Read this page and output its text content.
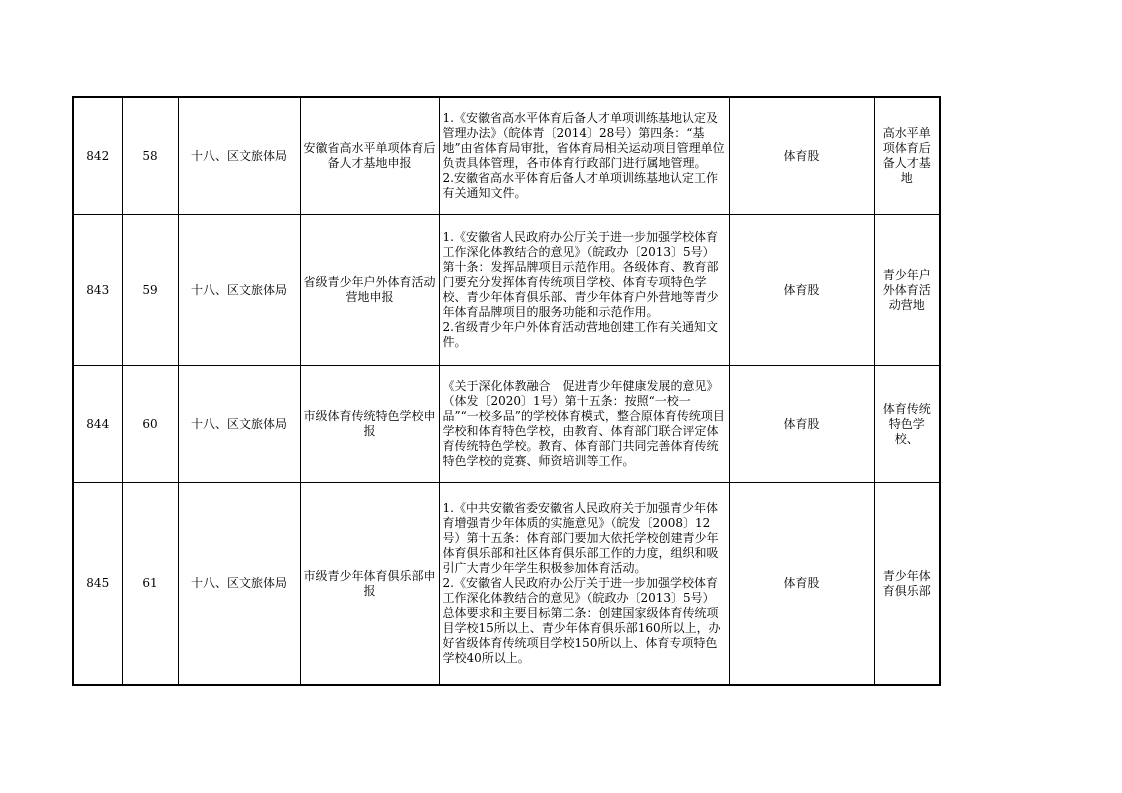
842	58	十八、区文旅体局	安徽省高水平单项体育后备人才基地申报	1.《安徽省高水平体育后备人才单项训练基地认定及管理办法》（皖体青〔2014〕28号）第四条：“基地”由省体育局审批，省体育局相关运动项目管理单位负责具体管理，各市体育行政部门进行属地管理。
2.安徽省高水平体育后备人才单项训练基地认定工作有关通知文件。	体育股	高水平单项体育后备人才基地
843	59	十八、区文旅体局	省级青少年户外体育活动营地申报	1.《安徽省人民政府办公厅关于进一步加强学校体育工作深化体教结合的意见》（皖政办〔2013〕5号）第十条：发挥品牌项目示范作用。各级体育、教育部门要充分发挥体育传统项目学校、体育专项特色学校、青少年体育俱乐部、青少年体育户外营地等青少年体育品牌项目的服务功能和示范作用。
2.省级青少年户外体育活动营地创建工作有关通知文件。	体育股	青少年户外体育活动营地
844	60	十八、区文旅体局	市级体育传统特色学校申报	《关于深化体教融合　促进青少年健康发展的意见》（体发〔2020〕1号）第十五条：按照“一校一品”“一校多品”的学校体育模式，整合原体育传统项目学校和体育特色学校，由教育、体育部门联合评定体育传统特色学校。教育、体育部门共同完善体育传统特色学校的竞赛、师资培训等工作。	体育股	体育传统特色学校、
845	61	十八、区文旅体局	市级青少年体育俱乐部申报	1.《中共安徽省委安徽省人民政府关于加强青少年体育增强青少年体质的实施意见》（皖发〔2008〕12号）第十五条：体育部门要加大依托学校创建青少年体育俱乐部和社区体育俱乐部工作的力度，组织和吸引广大青少年学生积极参加体育活动。
2.《安徽省人民政府办公厅关于进一步加强学校体育工作深化体教结合的意见》（皖政办〔2013〕5号）总体要求和主要目标第二条：创建国家级体育传统项目学校15所以上、青少年体育俱乐部160所以上，办好省级体育传统项目学校150所以上、体育专项特色学校40所以上。	体育股	青少年体育俱乐部
